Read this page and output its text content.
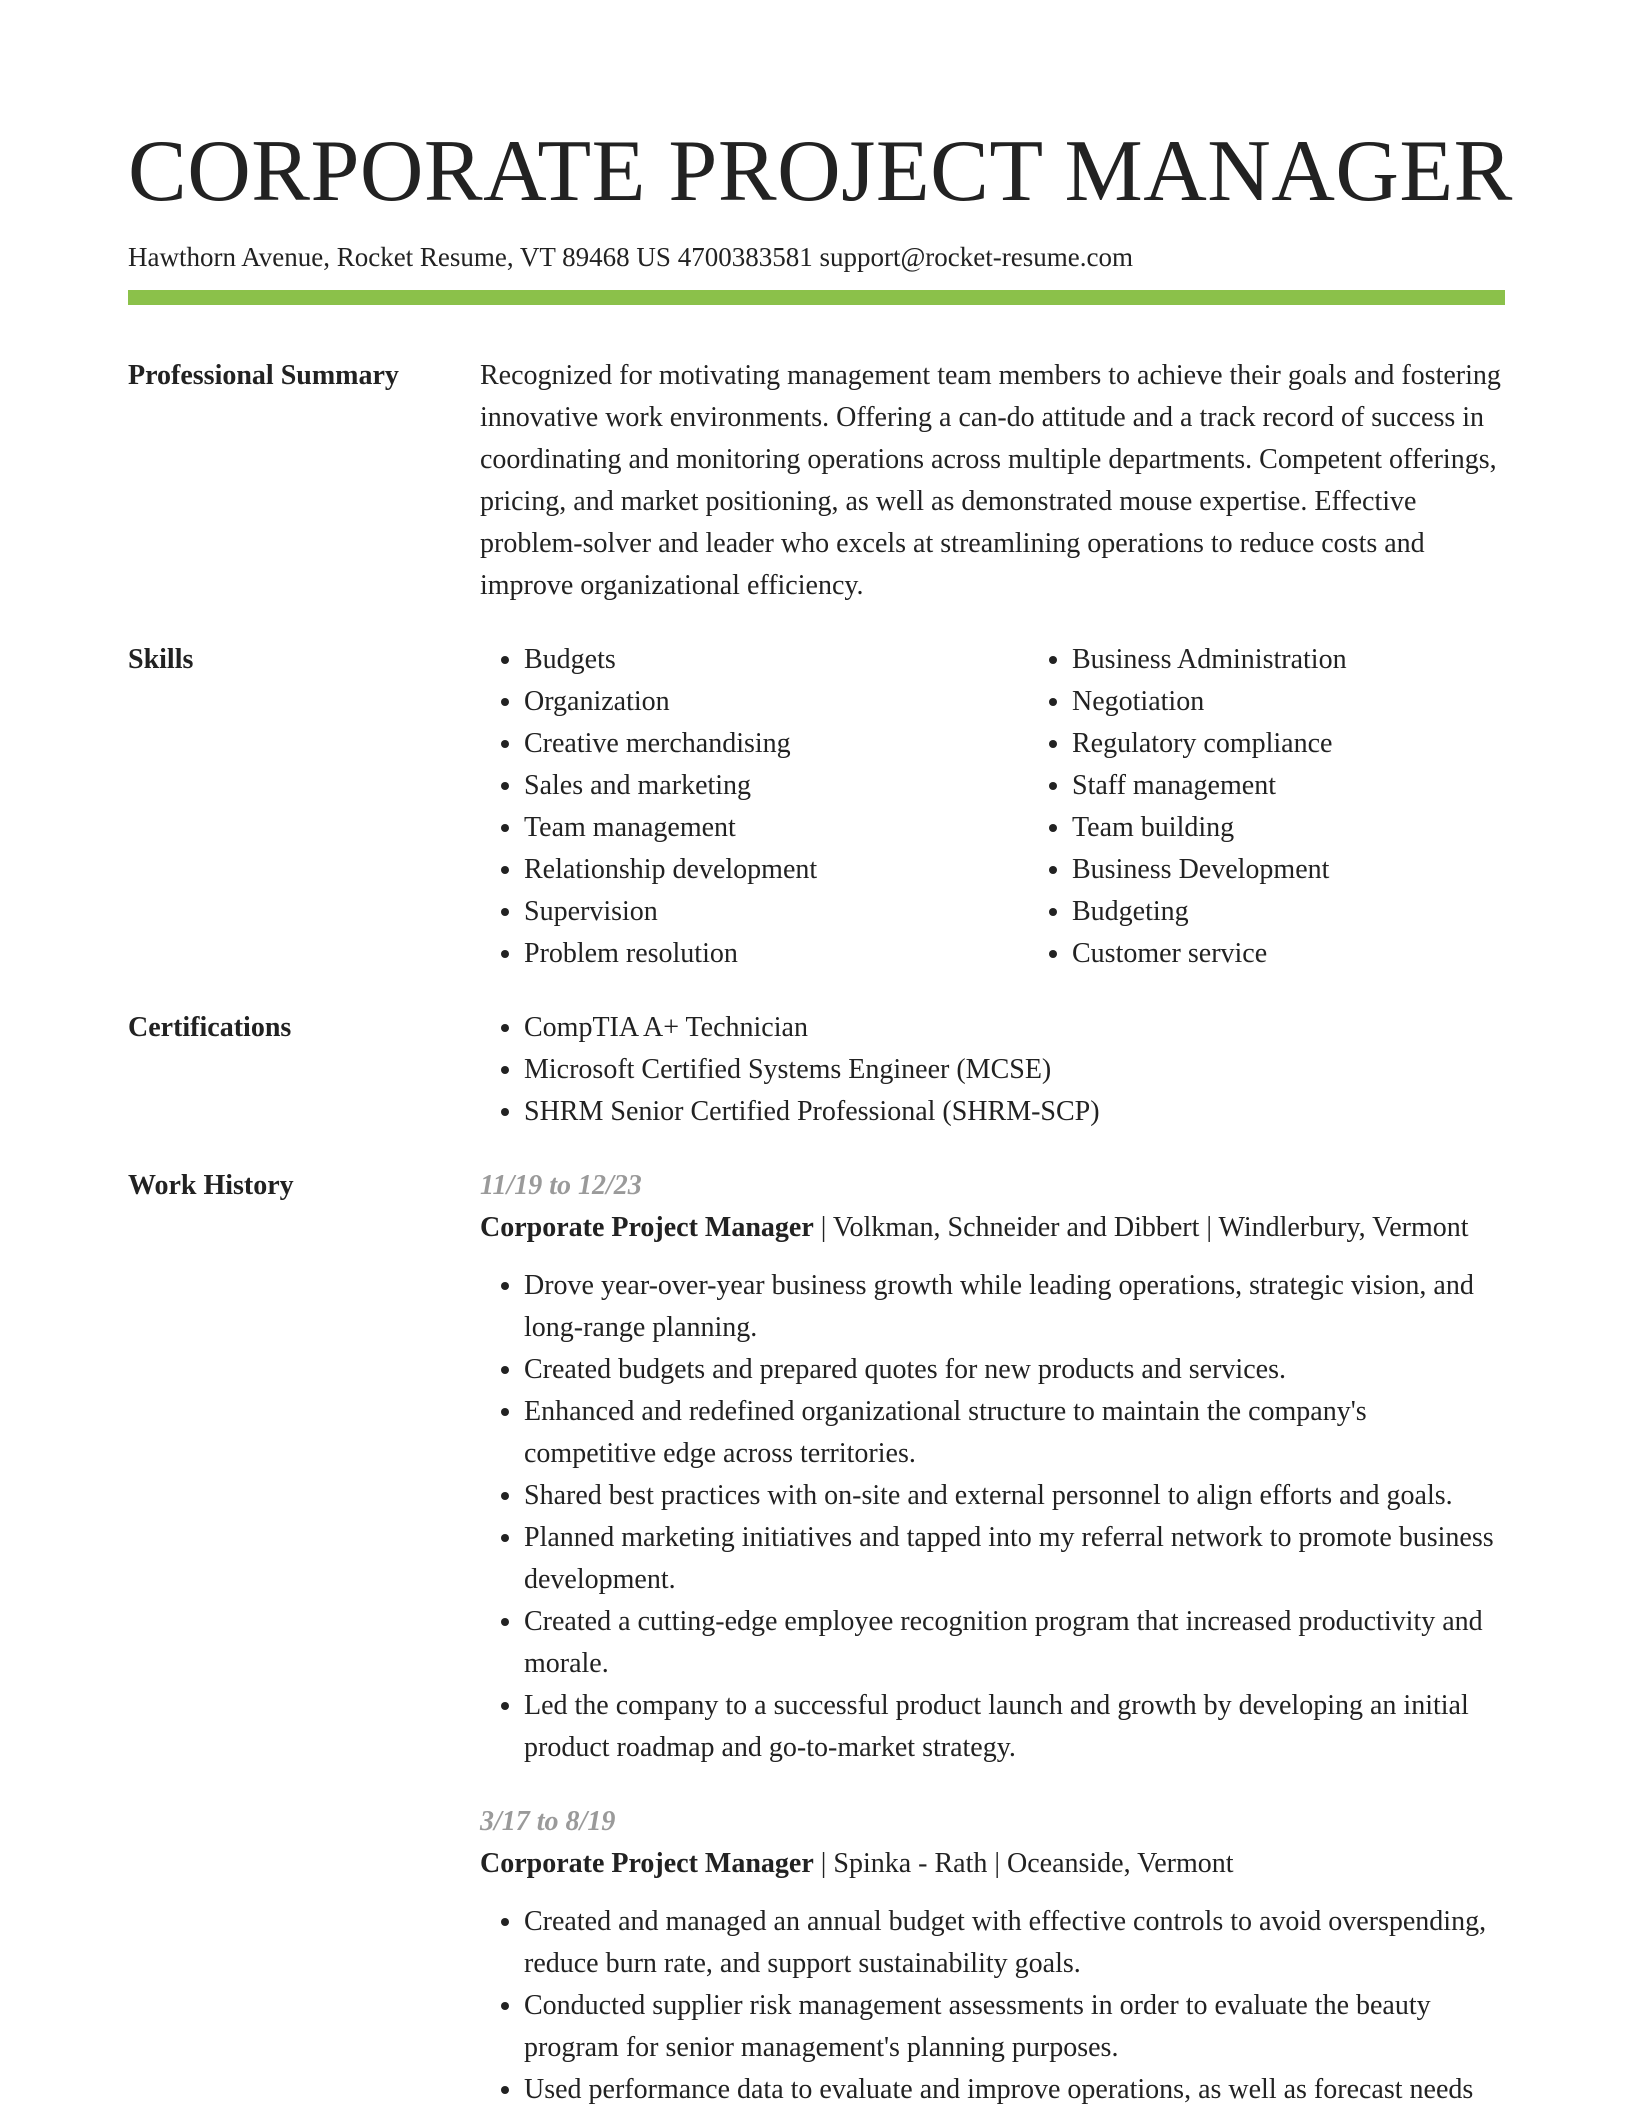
CORPORATE PROJECT MANAGER
Hawthorn Avenue, Rocket Resume, VT 89468 US 4700383581 support@rocket-resume.com
Professional Summary	Recognized for motivating management team members to achieve their goals and fostering innovative work environments. Offering a can-do attitude and a track record of success in coordinating and monitoring operations across multiple departments. Competent offerings, pricing, and market positioning, as well as demonstrated mouse expertise. Effective problem-solver and leader who excels at streamlining operations to reduce costs and improve organizational efficiency.

Skills	• Budgets
• Organization
• Creative merchandising
• Sales and marketing
• Team management
• Relationship development
• Supervision
• Problem resolution
• Business Administration
• Negotiation
• Regulatory compliance
• Staff management
• Team building
• Business Development
• Budgeting
• Customer service
Certifications	• CompTIA A+ Technician
• Microsoft Certified Systems Engineer (MCSE)
• SHRM Senior Certified Professional (SHRM-SCP)
Work History	11/19 to 12/23
Corporate Project Manager | Volkman, Schneider and Dibbert | Windlerbury, Vermont
• Drove year-over-year business growth while leading operations, strategic vision, and long-range planning.
• Created budgets and prepared quotes for new products and services.
• Enhanced and redefined organizational structure to maintain the company's competitive edge across territories.
• Shared best practices with on-site and external personnel to align efforts and goals.
• Planned marketing initiatives and tapped into my referral network to promote business development.
• Created a cutting-edge employee recognition program that increased productivity and morale.
• Led the company to a successful product launch and growth by developing an initial product roadmap and go-to-market strategy.
3/17 to 8/19
Corporate Project Manager | Spinka - Rath | Oceanside, Vermont
• Created and managed an annual budget with effective controls to avoid overspending, reduce burn rate, and support sustainability goals.
• Conducted supplier risk management assessments in order to evaluate the beauty program for senior management's planning purposes.
• Used performance data to evaluate and improve operations, as well as forecast needs
